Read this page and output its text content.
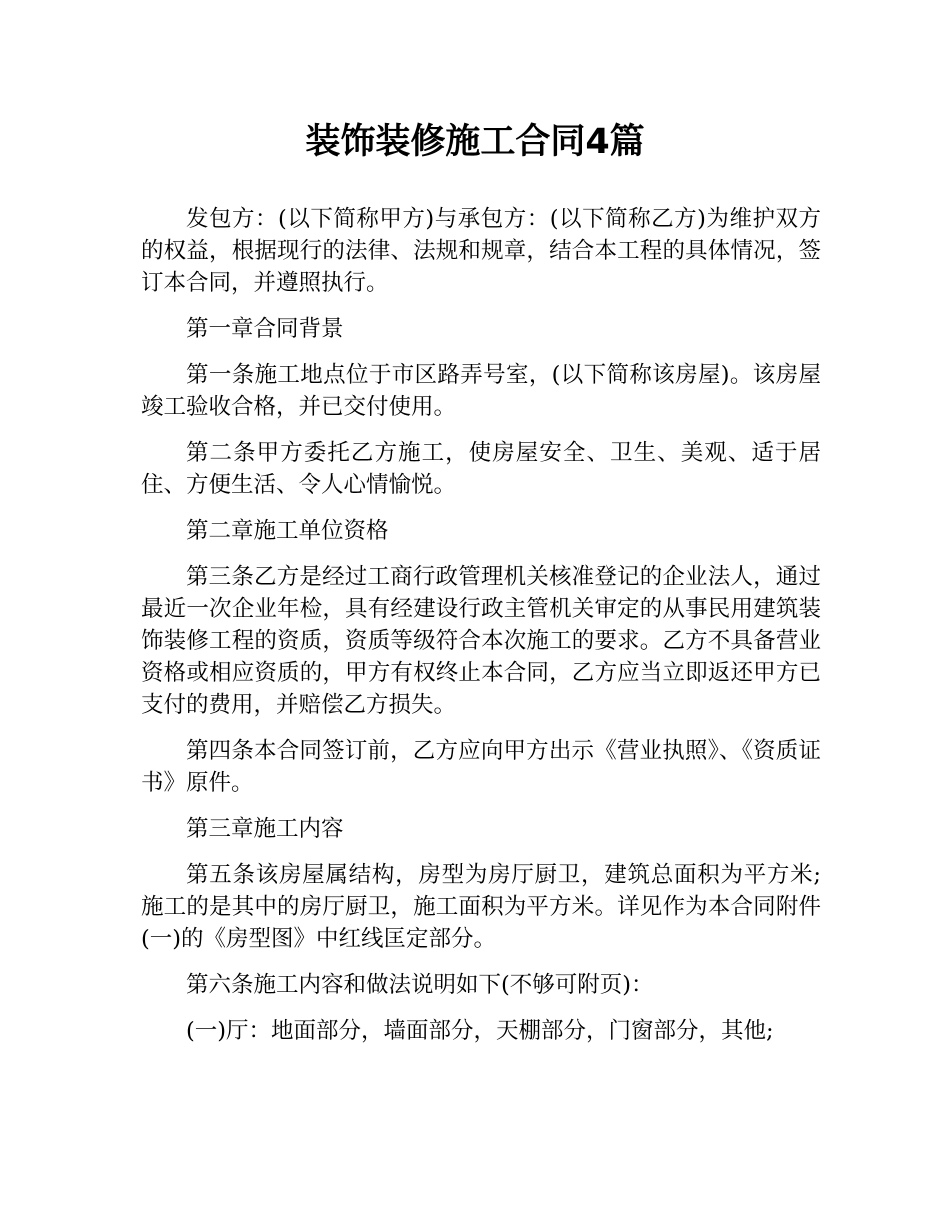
装饰装修施工合同4篇

发包方：(以下简称甲方)与承包方：(以下简称乙方)为维护双方的权益，根据现行的法律、法规和规章，结合本工程的具体情况，签订本合同，并遵照执行。

第一章合同背景

第一条施工地点位于市区路弄号室，(以下简称该房屋)。该房屋竣工验收合格，并已交付使用。

第二条甲方委托乙方施工，使房屋安全、卫生、美观、适于居住、方便生活、令人心情愉悦。

第二章施工单位资格

第三条乙方是经过工商行政管理机关核准登记的企业法人，通过最近一次企业年检，具有经建设行政主管机关审定的从事民用建筑装饰装修工程的资质，资质等级符合本次施工的要求。乙方不具备营业资格或相应资质的，甲方有权终止本合同，乙方应当立即返还甲方已支付的费用，并赔偿乙方损失。

第四条本合同签订前，乙方应向甲方出示《营业执照》、《资质证书》原件。

第三章施工内容

第五条该房屋属结构，房型为房厅厨卫，建筑总面积为平方米;施工的是其中的房厅厨卫，施工面积为平方米。详见作为本合同附件(一)的《房型图》中红线匡定部分。

第六条施工内容和做法说明如下(不够可附页)：

(一)厅：地面部分，墙面部分，天棚部分，门窗部分，其他;
